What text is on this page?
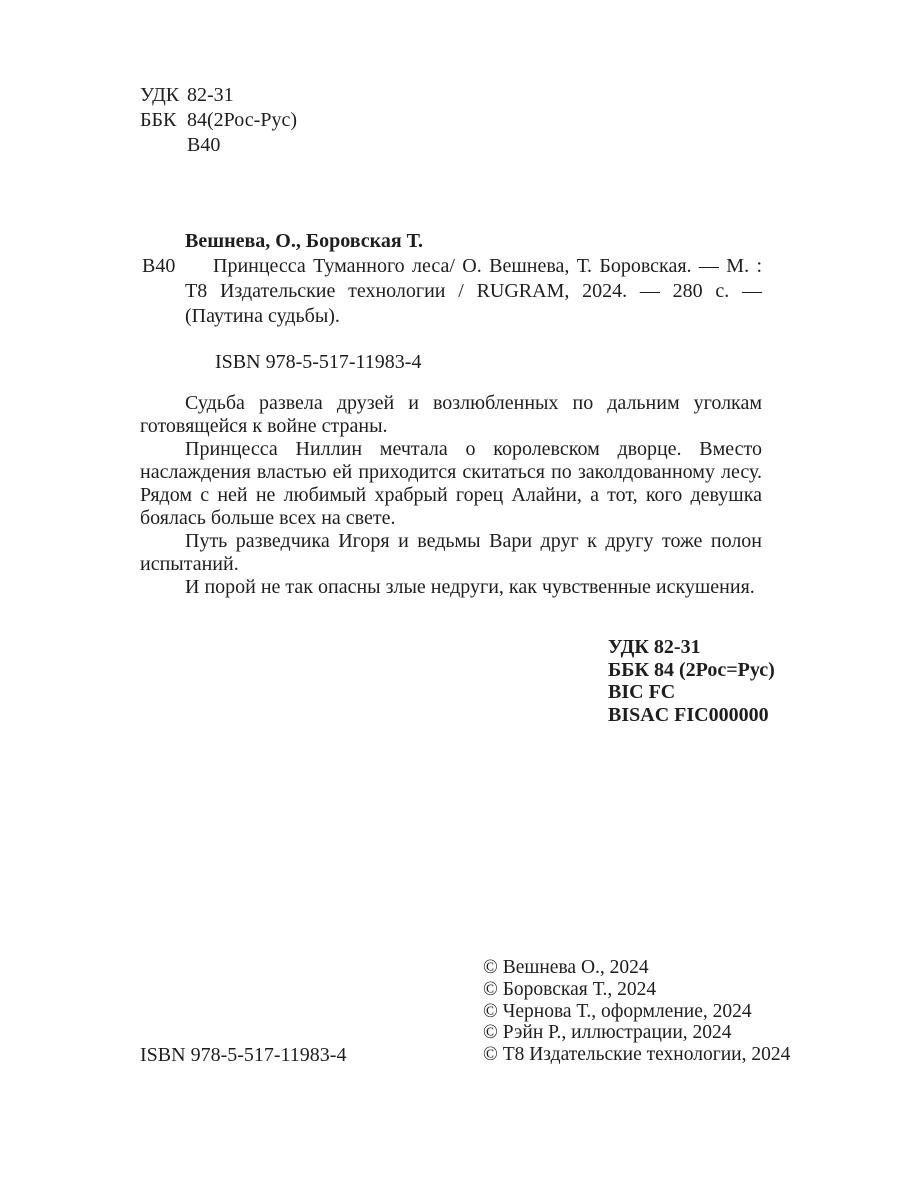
УДК 82-31
ББК 84(2Рос-Рус)
В40

Вешнева, О., Боровская Т.

В40	Принцесса Туманного леса/ О. Вешнева, Т. Боровская. — М. : Т8 Издательские технологии / RUGRAM, 2024. — 280 с. — (Паутина судьбы).

ISBN 978-5-517-11983-4

Судьба развела друзей и возлюбленных по дальним уголкам готовящейся к войне страны.

Принцесса Ниллин мечтала о королевском дворце. Вместо наслаждения властью ей приходится скитаться по заколдованному лесу. Рядом с ней не любимый храбрый горец Алайни, а тот, кого девушка боялась больше всех на свете.

Путь разведчика Игоря и ведьмы Вари друг к другу тоже полон испытаний.

И порой не так опасны злые недруги, как чувственные искушения.

УДК 82-31
ББК 84 (2Рос=Рус)
BIC FC
BISAC FIC000000
© Вешнева О., 2024
© Боровская Т., 2024
© Чернова Т., оформление, 2024
© Рэйн Р., иллюстрации, 2024
© Т8 Издательские технологии, 2024
ISBN 978-5-517-11983-4
